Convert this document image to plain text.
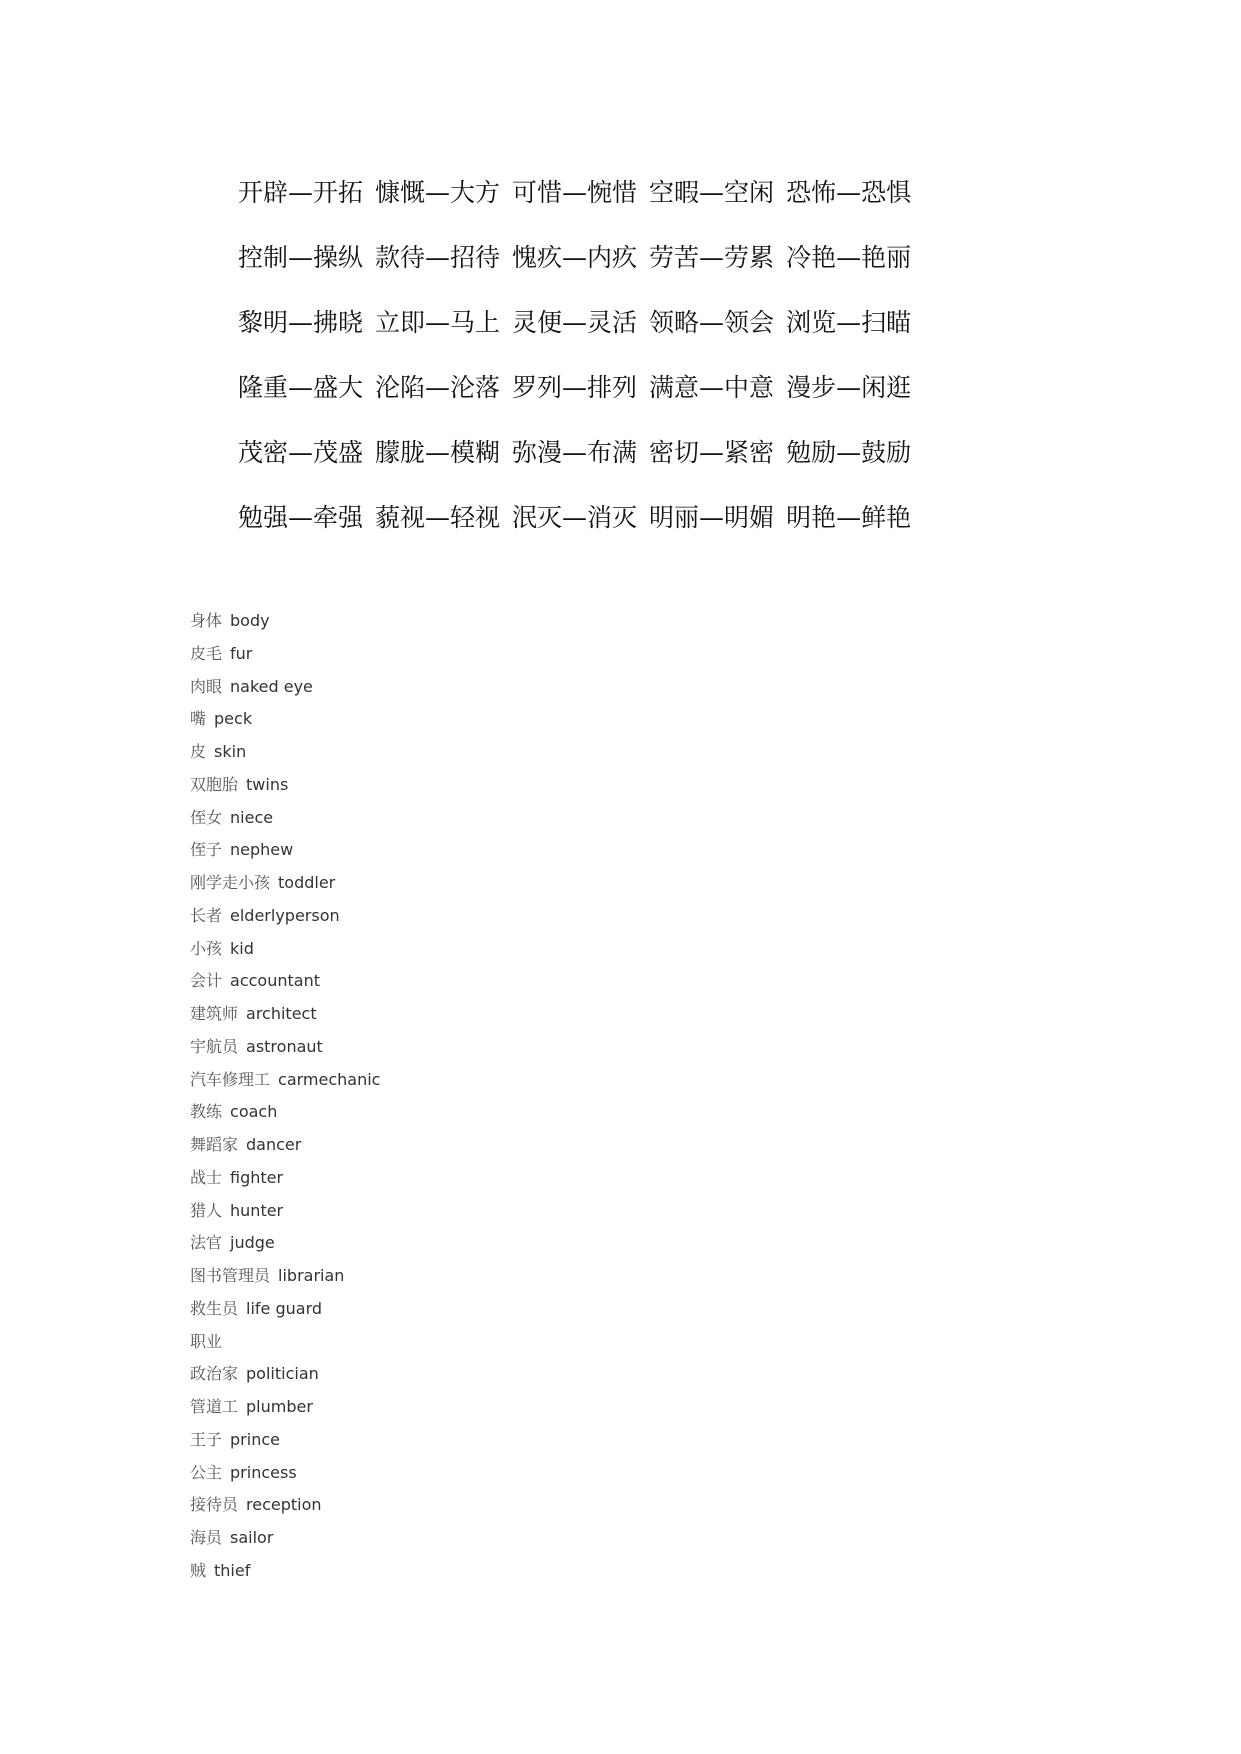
开辟—开拓 慷慨—大方 可惜—惋惜 空暇—空闲 恐怖—恐惧
控制—操纵 款待—招待 愧疚—内疚 劳苦—劳累 冷艳—艳丽
黎明—拂晓 立即—马上 灵便—灵活 领略—领会 浏览—扫瞄
隆重—盛大 沦陷—沦落 罗列—排列 满意—中意 漫步—闲逛
茂密—茂盛 朦胧—模糊 弥漫—布满 密切—紧密 勉励—鼓励
勉强—牵强 藐视—轻视 泯灭—消灭 明丽—明媚 明艳—鲜艳
身体 body
皮毛 fur
肉眼 naked eye
嘴 peck
皮 skin
双胞胎 twins
侄女 niece
侄子 nephew
刚学走小孩 toddler
长者 elderlyperson
小孩 kid
会计 accountant
建筑师 architect
宇航员 astronaut
汽车修理工 carmechanic
教练 coach
舞蹈家 dancer
战士 fighter
猎人 hunter
法官 judge
图书管理员 librarian
救生员 life guard
职业
政治家 politician
管道工 plumber
王子 prince
公主 princess
接待员 reception
海员 sailor
贼 thief
